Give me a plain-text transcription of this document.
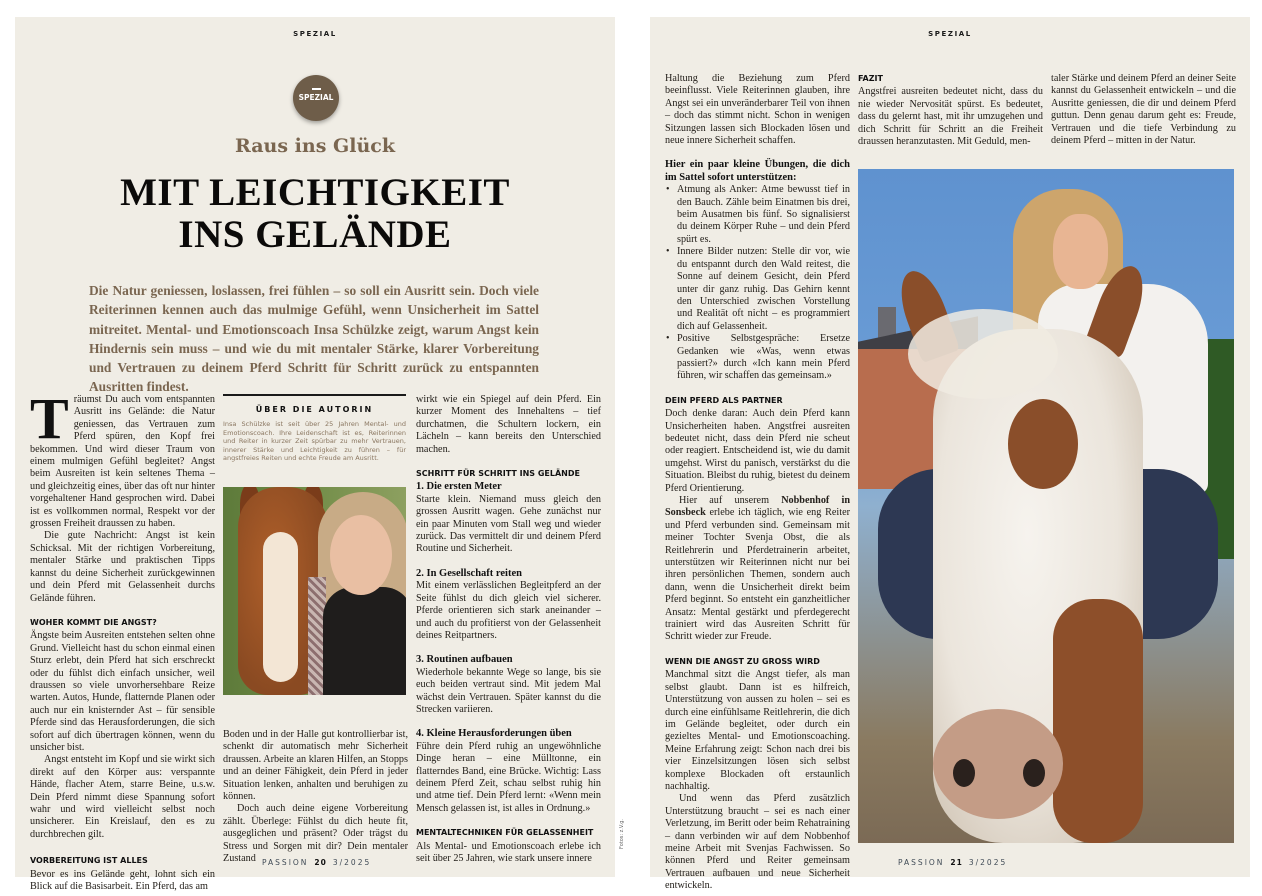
SPEZIAL
SPEZIAL
Raus ins Glück
MIT LEICHTIGKEIT
INS GELÄNDE
Die Natur geniessen, loslassen, frei fühlen – so soll ein Ausritt sein. Doch viele Reiterinnen kennen auch das mulmige Gefühl, wenn Unsicherheit im Sattel mitreitet. Mental- und Emotionscoach Insa Schülzke zeigt, warum Angst kein Hindernis sein muss – und wie du mit mentaler Stärke, klarer Vorbereitung und Vertrauen zu deinem Pferd Schritt für Schritt zurück zu entspannten Ausritten findest.

Träumst Du auch vom entspannten Ausritt ins Gelände: die Natur geniessen, das Vertrauen zum Pferd spüren, den Kopf frei bekommen. Und wird dieser Traum von einem mulmigen Gefühl begleitet? Angst beim Ausreiten ist kein seltenes Thema – und gleichzeitig eines, über das oft nur hinter vorgehaltener Hand gesprochen wird. Dabei ist es vollkommen normal, Respekt vor der grossen Freiheit draussen zu haben.

Die gute Nachricht: Angst ist kein Schicksal. Mit der richtigen Vorbereitung, mentaler Stärke und praktischen Tipps kannst du deine Sicherheit zurückgewinnen und dein Pferd mit Gelassenheit durchs Gelände führen.

WOHER KOMMT DIE ANGST?

Ängste beim Ausreiten entstehen selten ohne Grund. Vielleicht hast du schon einmal einen Sturz erlebt, dein Pferd hat sich erschreckt oder du fühlst dich einfach unsicher, weil draussen so viele unvorhersehbare Reize warten. Autos, Hunde, flatternde Planen oder auch nur ein knisternder Ast – für sensible Pferde sind das Herausforderungen, die sich sofort auf dich übertragen können, wenn du unsicher bist.

Angst entsteht im Kopf und sie wirkt sich direkt auf den Körper aus: verspannte Hände, flacher Atem, starre Beine, u.s.w. Dein Pferd nimmt diese Spannung sofort wahr und wird vielleicht selbst noch unsicherer. Ein Kreislauf, den es zu durchbrechen gilt.

VORBEREITUNG IST ALLES

Bevor es ins Gelände geht, lohnt sich ein Blick auf die Basisarbeit. Ein Pferd, das am

ÜBER DIE AUTORIN
Insa Schülzke ist seit über 25 Jahren Mental- und Emotionscoach. Ihre Leidenschaft ist es, Reiterinnen und Reiter in kurzer Zeit spürbar zu mehr Vertrauen, innerer Stärke und Leichtigkeit zu führen – für angstfreies Reiten und echte Freude am Ausritt.

Boden und in der Halle gut kontrollierbar ist, schenkt dir automatisch mehr Sicherheit draussen. Arbeite an klaren Hilfen, an Stopps und an deiner Fähigkeit, dein Pferd in jeder Situation lenken, anhalten und beruhigen zu können.

Doch auch deine eigene Vorbereitung zählt. Überlege: Fühlst du dich heute fit, ausgeglichen und präsent? Oder trägst du Stress und Sorgen mit dir? Dein mentaler Zustand

wirkt wie ein Spiegel auf dein Pferd. Ein kurzer Moment des Innehaltens – tief durchatmen, die Schultern lockern, ein Lächeln – kann bereits den Unterschied machen.

SCHRITT FÜR SCHRITT INS GELÄNDE
1. Die ersten Meter

Starte klein. Niemand muss gleich den grossen Ausritt wagen. Gehe zunächst nur ein paar Minuten vom Stall weg und wieder zurück. Das vermittelt dir und deinem Pferd Routine und Sicherheit.

2. In Gesellschaft reiten

Mit einem verlässlichen Begleitpferd an der Seite fühlst du dich gleich viel sicherer. Pferde orientieren sich stark aneinander – und auch du profitierst von der Gelassenheit deines Reitpartners.

3. Routinen aufbauen

Wiederhole bekannte Wege so lange, bis sie euch beiden vertraut sind. Mit jedem Mal wächst dein Vertrauen. Später kannst du die Strecken variieren.

4. Kleine Herausforderungen üben

Führe dein Pferd ruhig an ungewöhnliche Dinge heran – eine Mülltonne, ein flatterndes Band, eine Brücke. Wichtig: Lass deinem Pferd Zeit, schau selbst ruhig hin und atme tief. Dein Pferd lernt: «Wenn mein Mensch gelassen ist, ist alles in Ordnung.»

MENTALTECHNIKEN FÜR GELASSENHEIT

Als Mental- und Emotionscoach erlebe ich seit über 25 Jahren, wie stark unsere innere

Fotos: z.V.g.
PASSION 20 3/2025
SPEZIAL

Haltung die Beziehung zum Pferd beeinflusst. Viele Reiterinnen glauben, ihre Angst sei ein unveränderbarer Teil von ihnen – doch das stimmt nicht. Schon in wenigen Sitzungen lassen sich Blockaden lösen und neue innere Sicherheit schaffen.

Hier ein paar kleine Übungen, die dich im Sattel sofort unterstützen:

• Atmung als Anker: Atme bewusst tief in den Bauch. Zähle beim Einatmen bis drei, beim Ausatmen bis fünf. So signalisierst du deinem Körper Ruhe – und dein Pferd spürt es.
• Innere Bilder nutzen: Stelle dir vor, wie du entspannt durch den Wald reitest, die Sonne auf deinem Gesicht, dein Pferd unter dir ganz ruhig. Das Gehirn kennt den Unterschied zwischen Vorstellung und Realität oft nicht – es programmiert dich auf Gelassenheit.
• Positive Selbstgespräche: Ersetze Gedanken wie «Was, wenn etwas passiert?» durch «Ich kann mein Pferd führen, wir schaffen das gemeinsam.»
DEIN PFERD ALS PARTNER

Doch denke daran: Auch dein Pferd kann Unsicherheiten haben. Angstfrei ausreiten bedeutet nicht, dass dein Pferd nie scheut oder reagiert. Entscheidend ist, wie du damit umgehst. Wirst du panisch, verstärkst du die Situation. Bleibst du ruhig, bietest du deinem Pferd Orientierung.

Hier auf unserem Nobbenhof in Sonsbeck erlebe ich täglich, wie eng Reiter und Pferd verbunden sind. Gemeinsam mit meiner Tochter Svenja Obst, die als Reitlehrerin und Pferdetrainerin arbeitet, unterstützen wir Reiterinnen nicht nur bei ihren persönlichen Themen, sondern auch dann, wenn die Unsicherheit direkt beim Pferd beginnt. So entsteht ein ganzheitlicher Ansatz: Mental gestärkt und pferdegerecht trainiert wird das Ausreiten Schritt für Schritt wieder zur Freude.

WENN DIE ANGST ZU GROSS WIRD

Manchmal sitzt die Angst tiefer, als man selbst glaubt. Dann ist es hilfreich, Unterstützung von aussen zu holen – sei es durch eine einfühlsame Reitlehrerin, die dich im Gelände begleitet, oder durch ein gezieltes Mental- und Emotionscoaching. Meine Erfahrung zeigt: Schon nach drei bis vier Einzelsitzungen lösen sich selbst komplexe Blockaden oft erstaunlich nachhaltig.

Und wenn das Pferd zusätzlich Unterstützung braucht – sei es nach einer Verletzung, im Beritt oder beim Rehatraining – dann verbinden wir auf dem Nobbenhof meine Arbeit mit Svenjas Fachwissen. So können Pferd und Reiter gemeinsam Vertrauen aufbauen und neue Sicherheit entwickeln.

FAZIT

Angstfrei ausreiten bedeutet nicht, dass du nie wieder Nervosität spürst. Es bedeutet, dass du gelernt hast, mit ihr umzugehen und dich Schritt für Schritt an die Freiheit draussen heranzutasten. Mit Geduld, men-

taler Stärke und deinem Pferd an deiner Seite kannst du Gelassenheit entwickeln – und die Ausritte geniessen, die dir und deinem Pferd guttun. Denn genau darum geht es: Freude, Vertrauen und die tiefe Verbindung zu deinem Pferd – mitten in der Natur.

PASSION 21 3/2025
